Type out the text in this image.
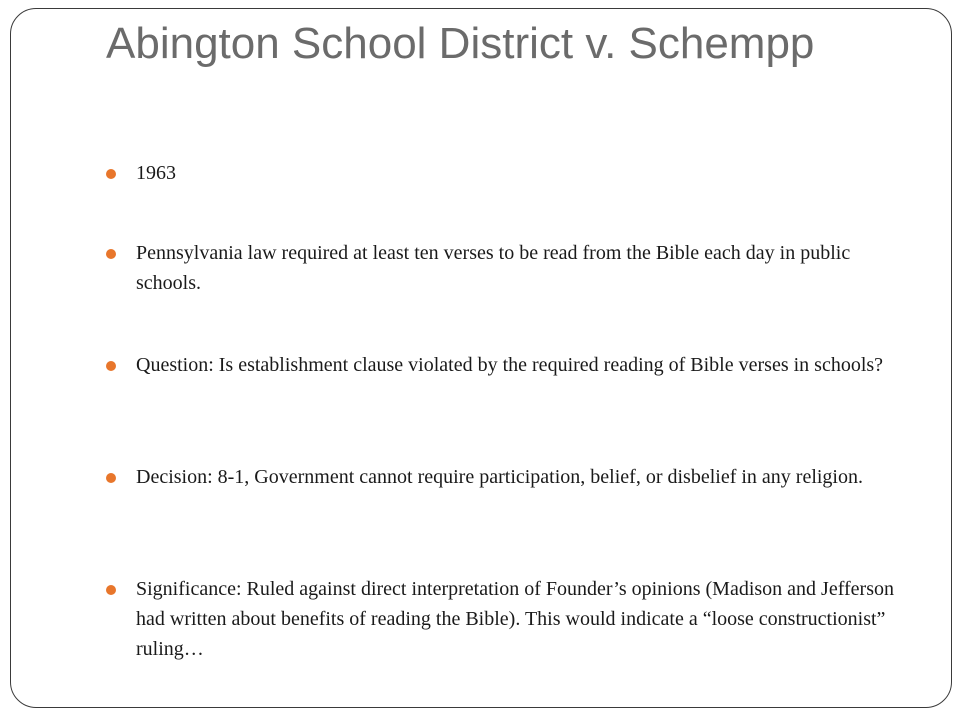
Abington School District v. Schempp
1963
Pennsylvania law required at least ten verses to be read from the Bible each day in public schools.
Question: Is establishment clause violated by the required reading of Bible verses in schools?
Decision: 8-1, Government cannot require participation, belief, or disbelief in any religion.
Significance: Ruled against direct interpretation of Founder’s opinions (Madison and Jefferson had written about benefits of reading the Bible). This would indicate a “loose constructionist” ruling…
